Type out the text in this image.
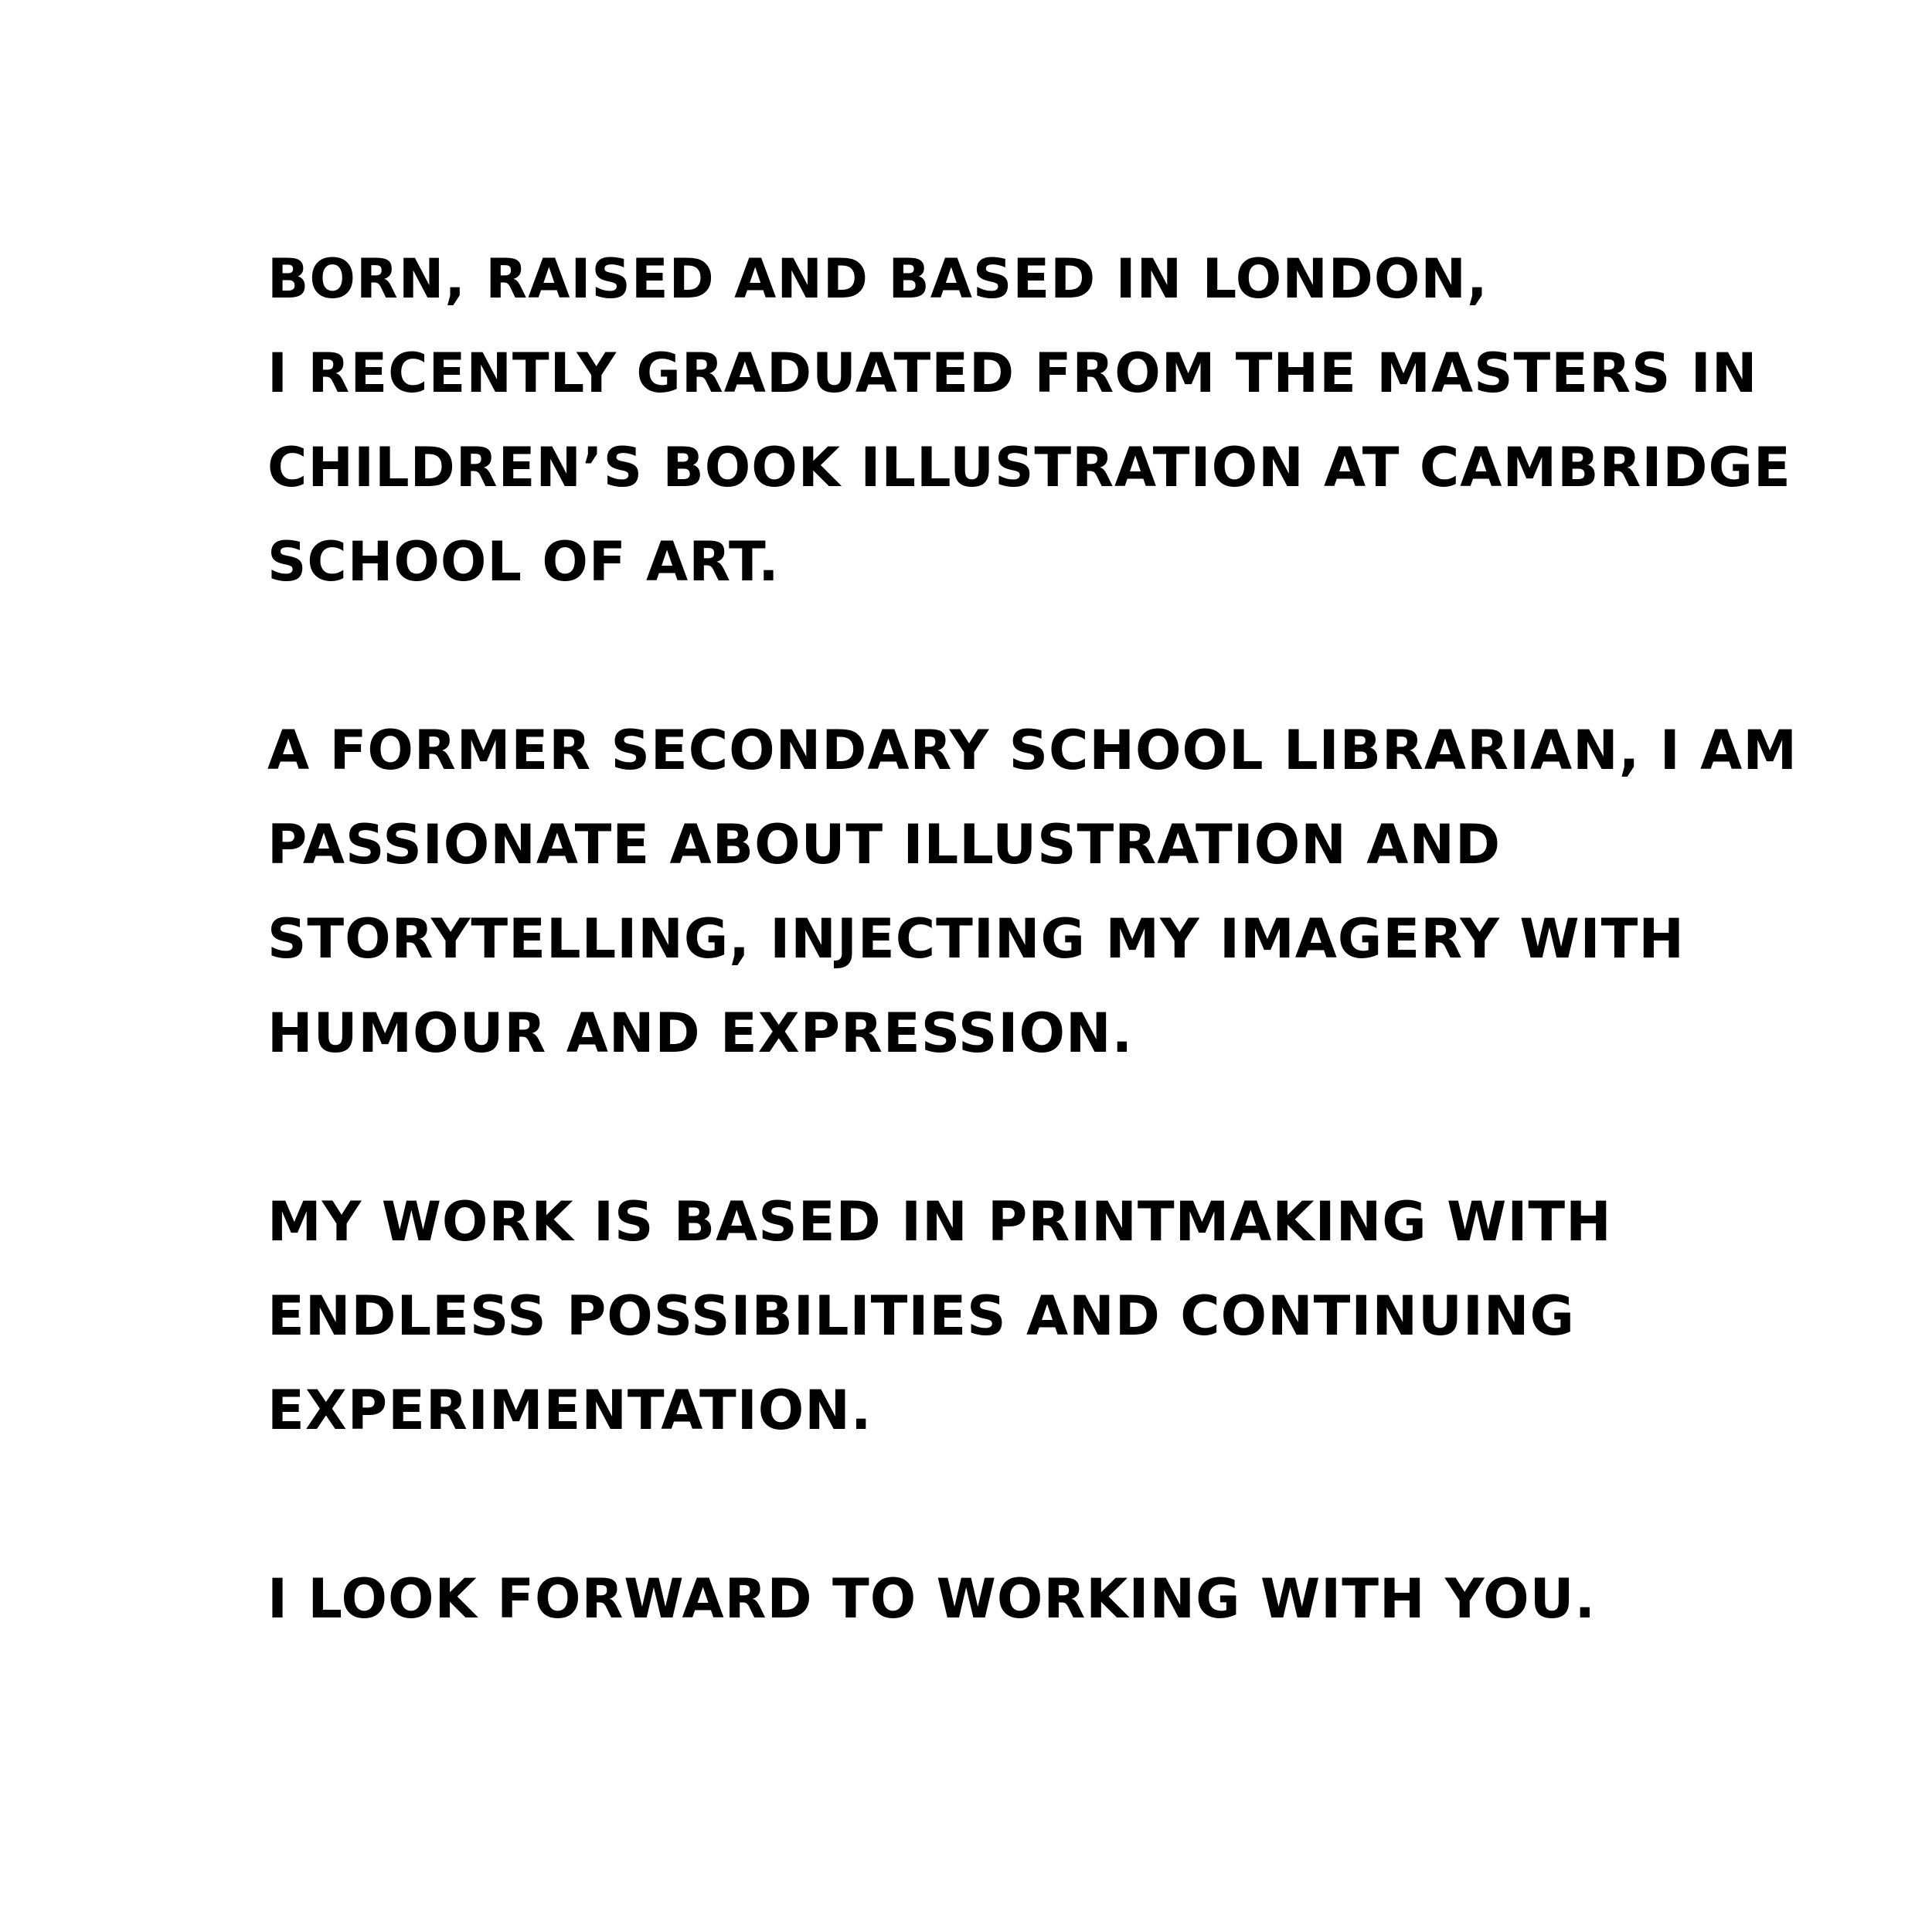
BORN, RAISED AND BASED IN LONDON,
I RECENTLY GRADUATED FROM THE MASTERS IN
CHILDREN’S BOOK ILLUSTRATION AT CAMBRIDGE
SCHOOL OF ART.

A FORMER SECONDARY SCHOOL LIBRARIAN, I AM
PASSIONATE ABOUT ILLUSTRATION AND
STORYTELLING, INJECTING MY IMAGERY WITH
HUMOUR AND EXPRESSION.

MY WORK IS BASED IN PRINTMAKING WITH
ENDLESS POSSIBILITIES AND CONTINUING
EXPERIMENTATION.

I LOOK FORWARD TO WORKING WITH YOU.
